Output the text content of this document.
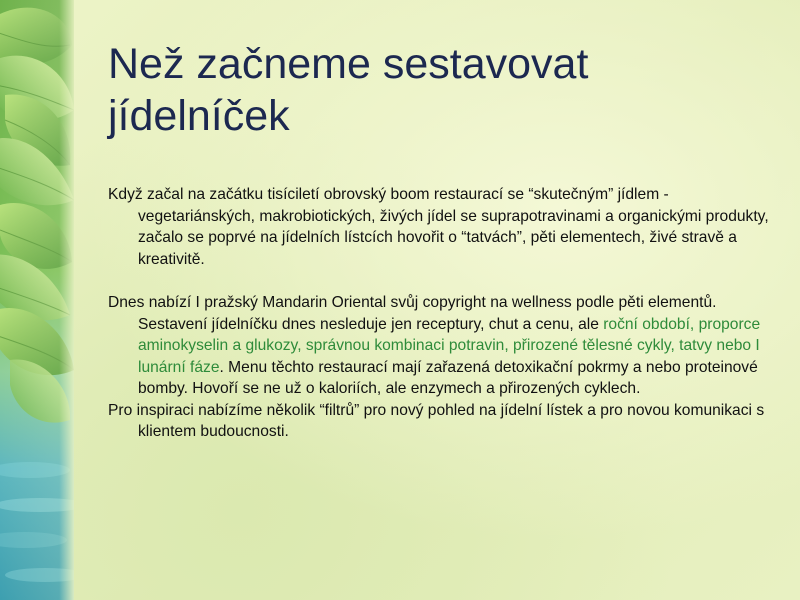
Než začneme sestavovat
jídelníček

Když začal na začátku tisíciletí obrovský boom restaurací se “skutečným” jídlem - vegetariánských, makrobiotických, živých jídel se suprapotravinami a organickými produkty, začalo se poprvé na jídelních lístcích hovořit o “tatvách”, pěti elementech, živé stravě a kreativitě.

Dnes nabízí I pražský Mandarin Oriental svůj copyright na wellness podle pěti elementů. Sestavení jídelníčku dnes nesleduje jen receptury, chut a cenu, ale roční období, proporce aminokyselin a glukozy, správnou kombinaci potravin, přirozené tělesné cykly, tatvy nebo I lunární fáze. Menu těchto restaurací mají zařazená detoxikační pokrmy a nebo proteinové bomby. Hovoří se ne už o kaloriích, ale enzymech a přirozených cyklech.

Pro inspiraci nabízíme několik “filtrů” pro nový pohled na jídelní lístek a pro novou komunikaci s klientem budoucnosti.
